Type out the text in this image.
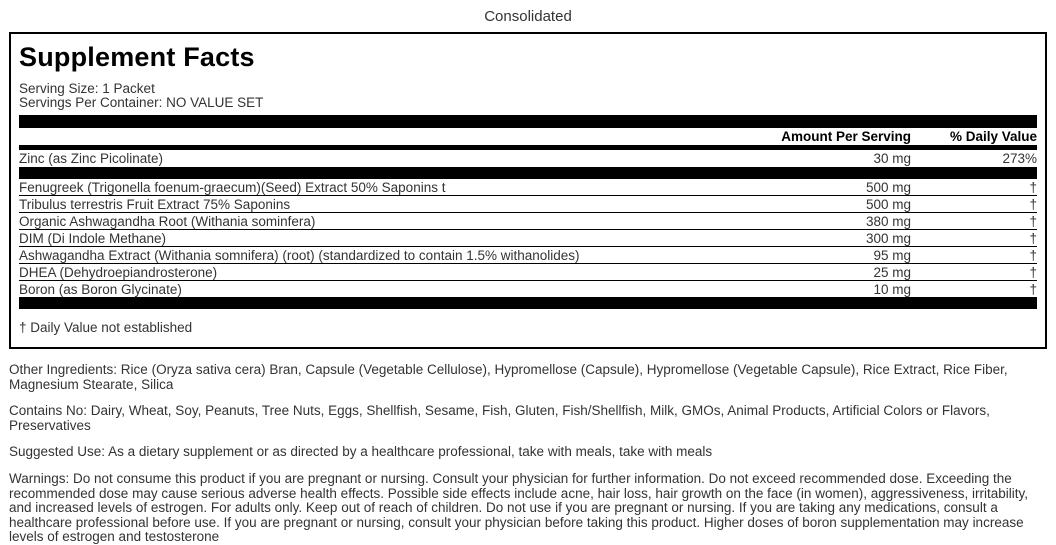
Consolidated
Supplement Facts
Serving Size: 1 Packet
Servings Per Container: NO VALUE SET
Amount Per Serving	% Daily Value
Zinc (as Zinc Picolinate)	30 mg	273%
Fenugreek (Trigonella foenum-graecum)(Seed) Extract 50% Saponins t	500 mg	†
Tribulus terrestris Fruit Extract 75% Saponins	500 mg	†
Organic Ashwagandha Root (Withania sominfera)	380 mg	†
DIM (Di Indole Methane)	300 mg	†
Ashwagandha Extract (Withania somnifera) (root) (standardized to contain 1.5% withanolides)	95 mg	†
DHEA (Dehydroepiandrosterone)	25 mg	†
Boron (as Boron Glycinate)	10 mg	†
† Daily Value not established

Other Ingredients: Rice (Oryza sativa cera) Bran, Capsule (Vegetable Cellulose), Hypromellose (Capsule), Hypromellose (Vegetable Capsule), Rice Extract, Rice Fiber, Magnesium Stearate, Silica

Contains No: Dairy, Wheat, Soy, Peanuts, Tree Nuts, Eggs, Shellfish, Sesame, Fish, Gluten, Fish/Shellfish, Milk, GMOs, Animal Products, Artificial Colors or Flavors, Preservatives

Suggested Use: As a dietary supplement or as directed by a healthcare professional, take with meals, take with meals

Warnings: Do not consume this product if you are pregnant or nursing. Consult your physician for further information. Do not exceed recommended dose. Exceeding the recommended dose may cause serious adverse health effects. Possible side effects include acne, hair loss, hair growth on the face (in women), aggressiveness, irritability, and increased levels of estrogen. For adults only. Keep out of reach of children. Do not use if you are pregnant or nursing. If you are taking any medications, consult a healthcare professional before use. If you are pregnant or nursing, consult your physician before taking this product. Higher doses of boron supplementation may increase levels of estrogen and testosterone
